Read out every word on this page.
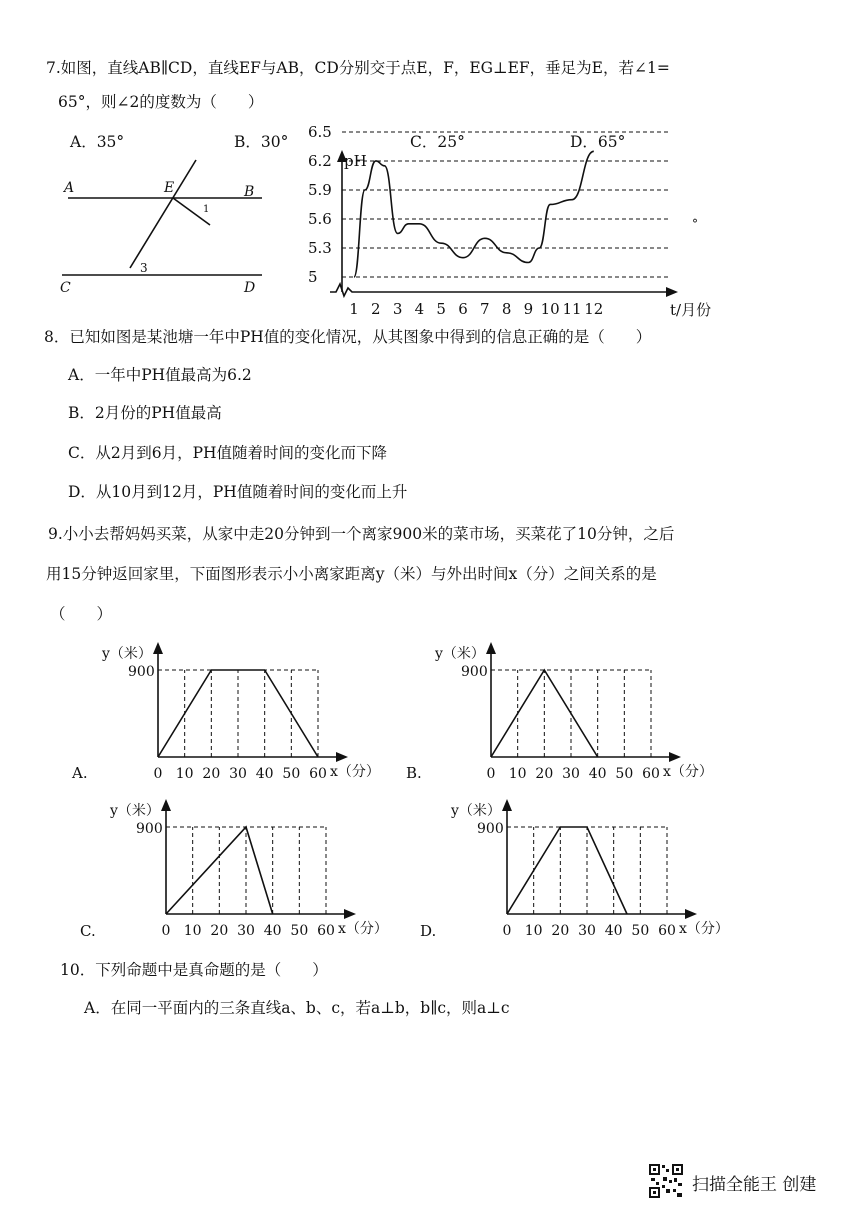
7.如图，直线AB∥CD，直线EF与AB，CD分别交于点E，F，EG⊥EF，垂足为E，若∠1=
65°，则∠2的度数为（　　）
A．35°	B．30°	C．25°	D．65°
A	E	B
C	D
1
3
pH
t/月份
°
5
5.3
5.6
5.9
6.2
6.5
1 2 3 4 5 6 7 8 9 10 11 12
8．已知如图是某池塘一年中PH值的变化情况，从其图象中得到的信息正确的是（　　）
A．一年中PH值最高为6.2
B．2月份的PH值最高
C．从2月到6月，PH值随着时间的变化而下降
D．从10月到12月，PH值随着时间的变化而上升
9.小小去帮妈妈买菜，从家中走20分钟到一个离家900米的菜市场，买菜花了10分钟，之后
用15分钟返回家里，下面图形表示小小离家距离y（米）与外出时间x（分）之间关系的是
（　　）
y（米）
900
0 10 20 30 40 50 60 x（分）
A.
y（米）
900
0 10 20 30 40 50 60 x（分）
B.
y（米）
900
0 10 20 30 40 50 60 x（分）
C.
y（米）
900
0 10 20 30 40 50 60 x（分）
D.
10．下列命题中是真命题的是（　　）
A．在同一平面内的三条直线a、b、c，若a⊥b，b∥c，则a⊥c
扫描全能王 创建
